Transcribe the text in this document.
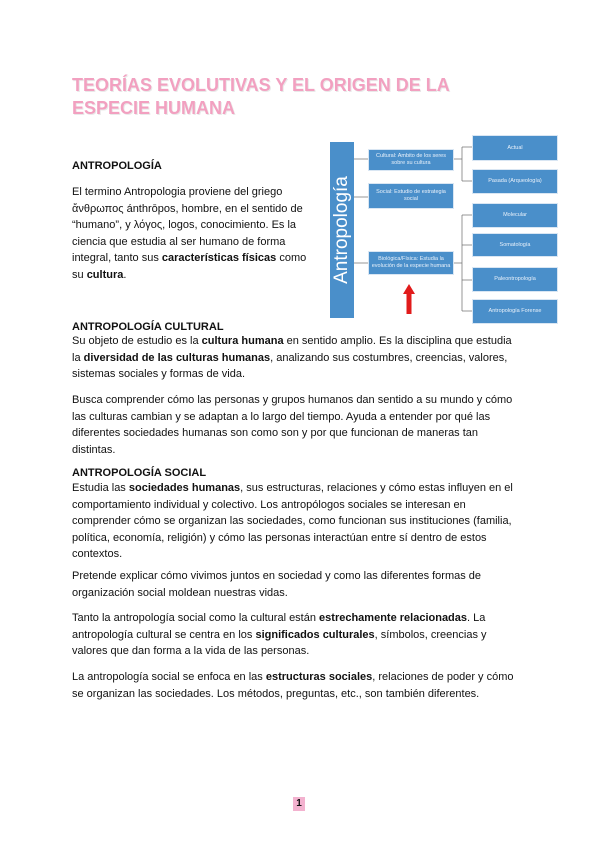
TEORÍAS EVOLUTIVAS Y EL ORIGEN DE LA ESPECIE HUMANA

ANTROPOLOGÍA

El termino Antropologia proviene del griego ἄνθρωπος ánthrōpos, hombre, en el sentido de “humano”, y λόγος, logos, conocimiento. Es la ciencia que estudia al ser humano de forma integral, tanto sus características físicas como su cultura.	Antropología
Cultural: Ambito de los seres sobre su cultura
Social: Estudio de estrategia social
Biológica/Física: Estudia la evolución de la especie humana
Actual
Pasada (Arqueología)
Molecular
Somatología
Paleontropología
Antropología Forense

ANTROPOLOGÍA CULTURAL

Su objeto de estudio es la cultura humana en sentido amplio. Es la disciplina que estudia la diversidad de las culturas humanas, analizando sus costumbres, creencias, valores, sistemas sociales y formas de vida.

Busca comprender cómo las personas y grupos humanos dan sentido a su mundo y cómo las culturas cambian y se adaptan a lo largo del tiempo. Ayuda a entender por qué las diferentes sociedades humanas son como son y por que funcionan de maneras tan distintas.

ANTROPOLOGÍA SOCIAL

Estudia las sociedades humanas, sus estructuras, relaciones y cómo estas influyen en el comportamiento individual y colectivo. Los antropólogos sociales se interesan en comprender cómo se organizan las sociedades, como funcionan sus instituciones (familia, política, economía, religión) y cómo las personas interactúan entre sí dentro de estos contextos.

Pretende explicar cómo vivimos juntos en sociedad y como las diferentes formas de organización social moldean nuestras vidas.

Tanto la antropología social como la cultural están estrechamente relacionadas. La antropología cultural se centra en los significados culturales, símbolos, creencias y valores que dan forma a la vida de las personas.

La antropología social se enfoca en las estructuras sociales, relaciones de poder y cómo se organizan las sociedades. Los métodos, preguntas, etc., son también diferentes.

1
